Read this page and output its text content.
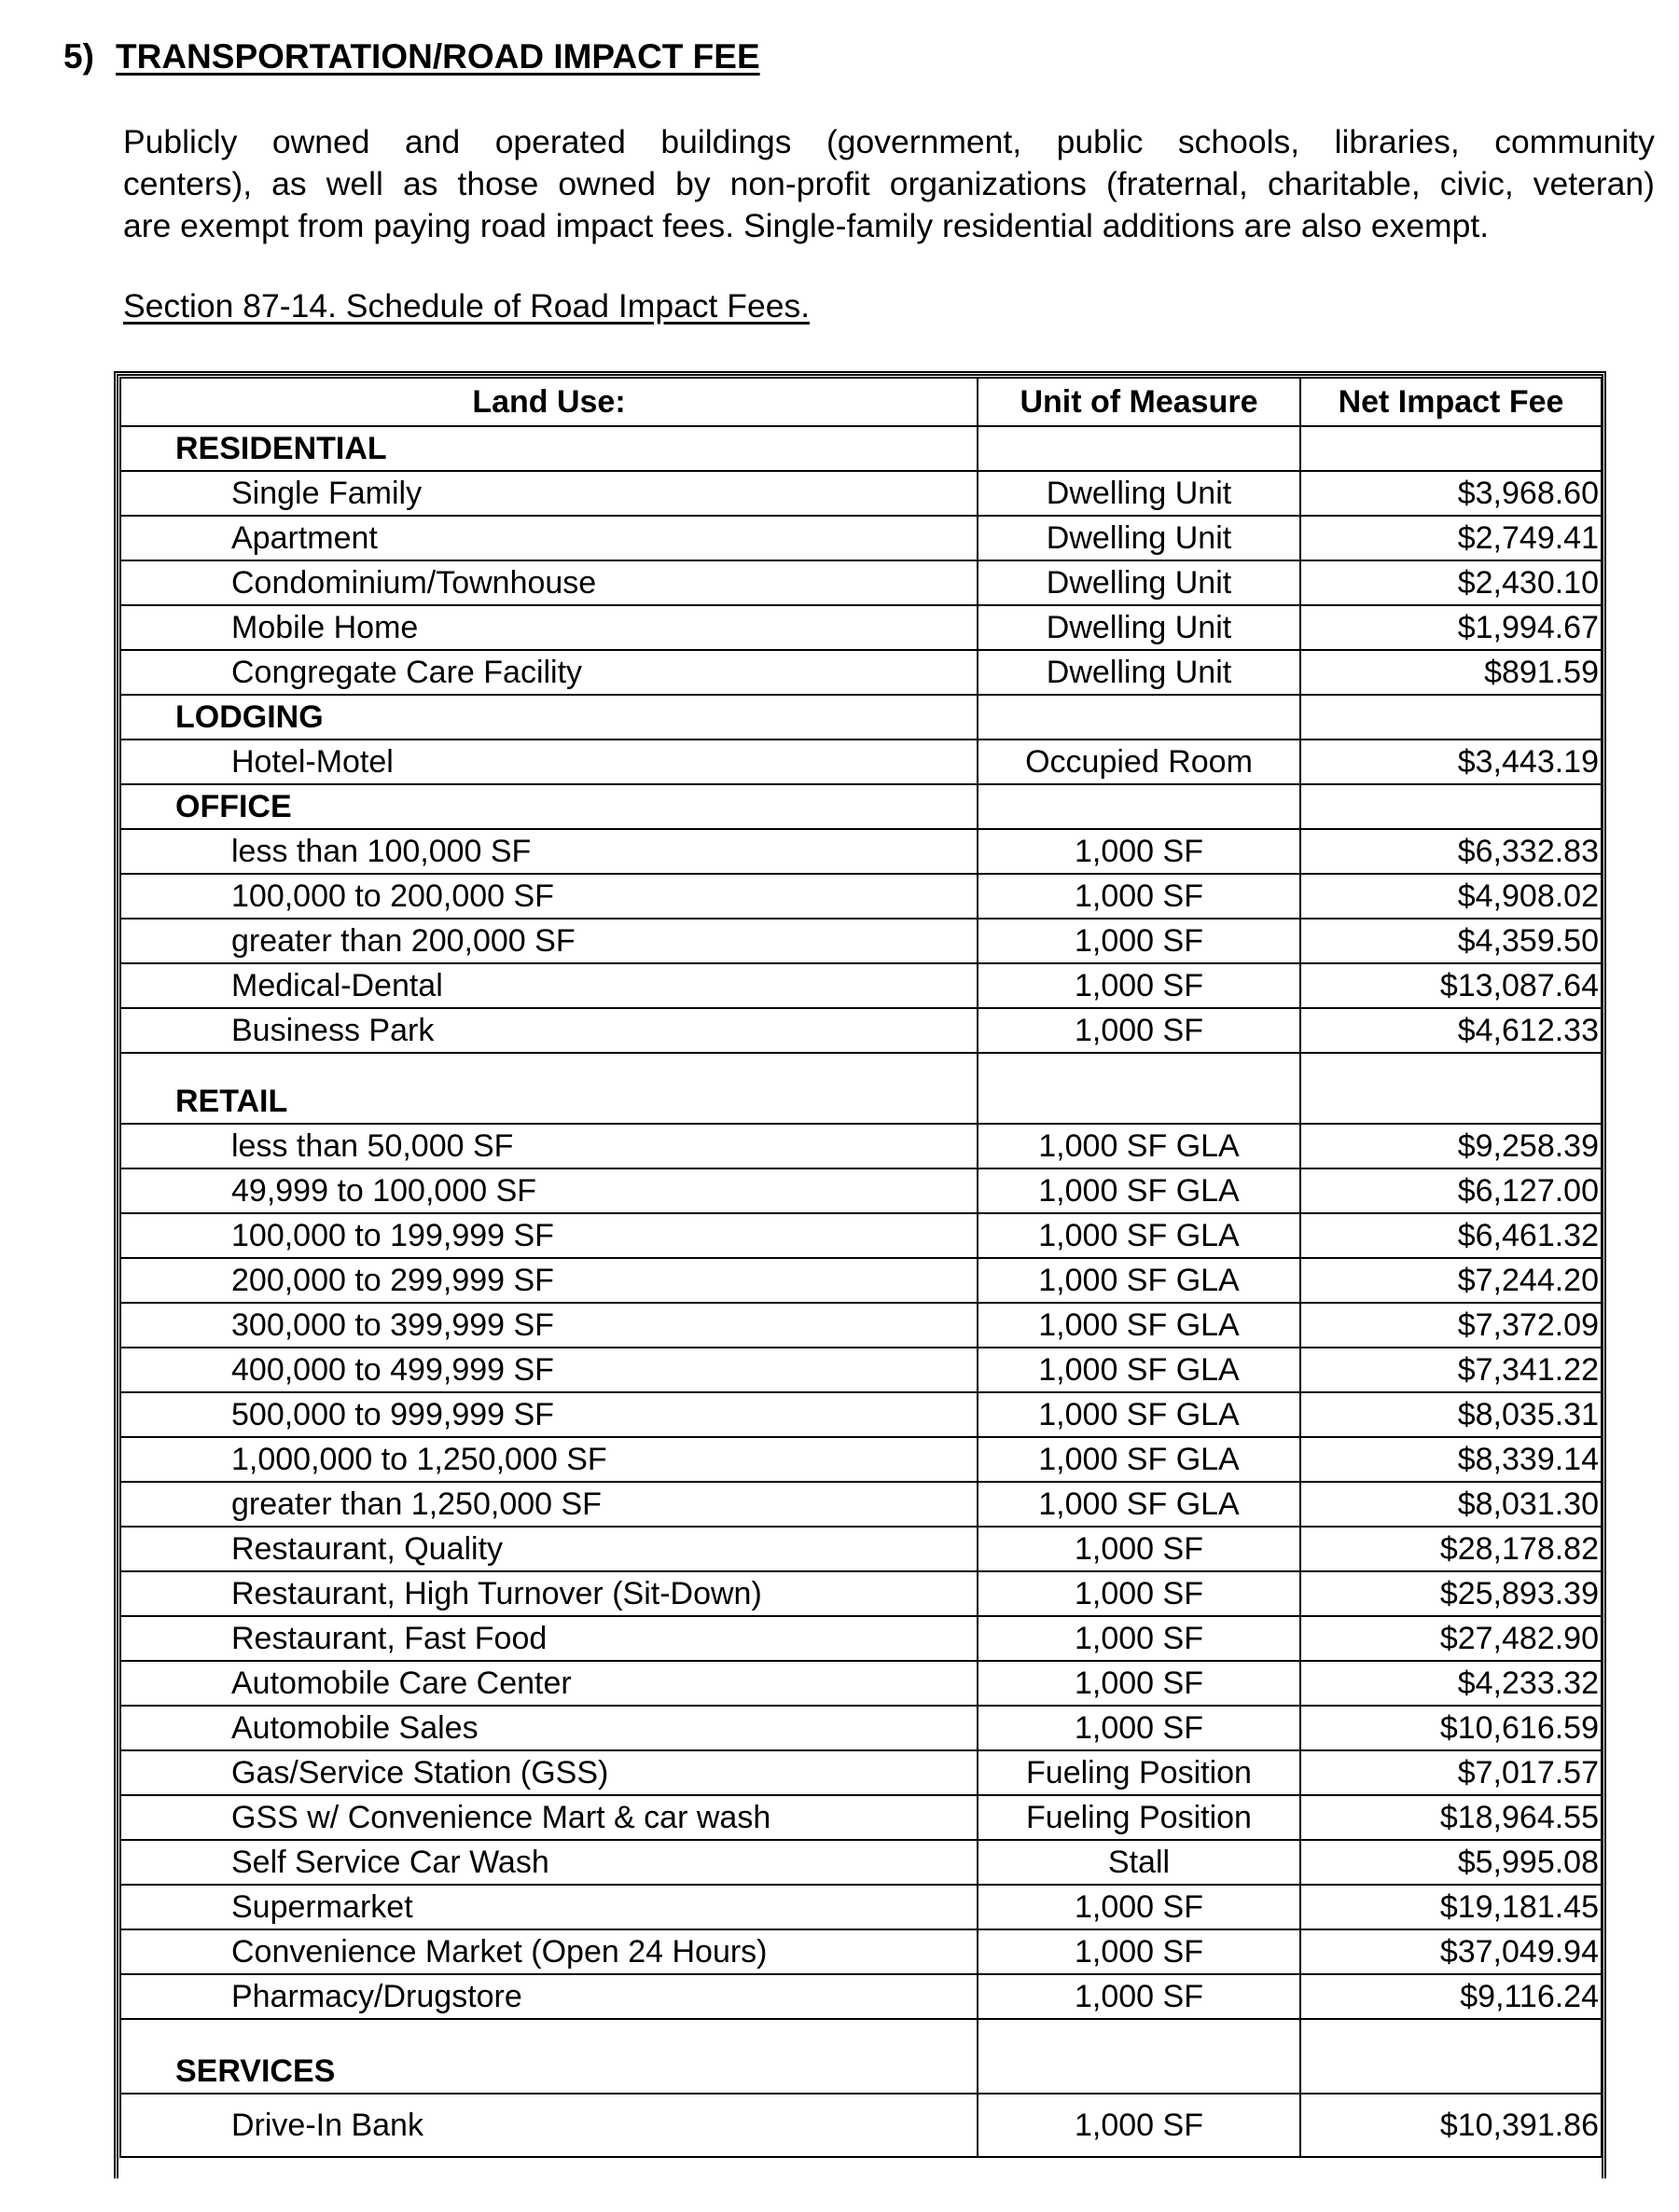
5) TRANSPORTATION/ROAD IMPACT FEE
Publicly owned and operated buildings (government, public schools, libraries, community
centers), as well as those owned by non-profit organizations (fraternal, charitable, civic, veteran)
are exempt from paying road impact fees. Single-family residential additions are also exempt.
Section 87-14. Schedule of Road Impact Fees.
Land Use:	Unit of Measure	Net Impact Fee
RESIDENTIAL		
Single Family	Dwelling Unit	$3,968.60
Apartment	Dwelling Unit	$2,749.41
Condominium/Townhouse	Dwelling Unit	$2,430.10
Mobile Home	Dwelling Unit	$1,994.67
Congregate Care Facility	Dwelling Unit	$891.59
LODGING		
Hotel-Motel	Occupied Room	$3,443.19
OFFICE		
less than 100,000 SF	1,000 SF	$6,332.83
100,000 to 200,000 SF	1,000 SF	$4,908.02
greater than 200,000 SF	1,000 SF	$4,359.50
Medical-Dental	1,000 SF	$13,087.64
Business Park	1,000 SF	$4,612.33
RETAIL		
less than 50,000 SF	1,000 SF GLA	$9,258.39
49,999 to 100,000 SF	1,000 SF GLA	$6,127.00
100,000 to 199,999 SF	1,000 SF GLA	$6,461.32
200,000 to 299,999 SF	1,000 SF GLA	$7,244.20
300,000 to 399,999 SF	1,000 SF GLA	$7,372.09
400,000 to 499,999 SF	1,000 SF GLA	$7,341.22
500,000 to 999,999 SF	1,000 SF GLA	$8,035.31
1,000,000 to 1,250,000 SF	1,000 SF GLA	$8,339.14
greater than 1,250,000 SF	1,000 SF GLA	$8,031.30
Restaurant, Quality	1,000 SF	$28,178.82
Restaurant, High Turnover (Sit-Down)	1,000 SF	$25,893.39
Restaurant, Fast Food	1,000 SF	$27,482.90
Automobile Care Center	1,000 SF	$4,233.32
Automobile Sales	1,000 SF	$10,616.59
Gas/Service Station (GSS)	Fueling Position	$7,017.57
GSS w/ Convenience Mart & car wash	Fueling Position	$18,964.55
Self Service Car Wash	Stall	$5,995.08
Supermarket	1,000 SF	$19,181.45
Convenience Market (Open 24 Hours)	1,000 SF	$37,049.94
Pharmacy/Drugstore	1,000 SF	$9,116.24
SERVICES		
Drive-In Bank	1,000 SF	$10,391.86
